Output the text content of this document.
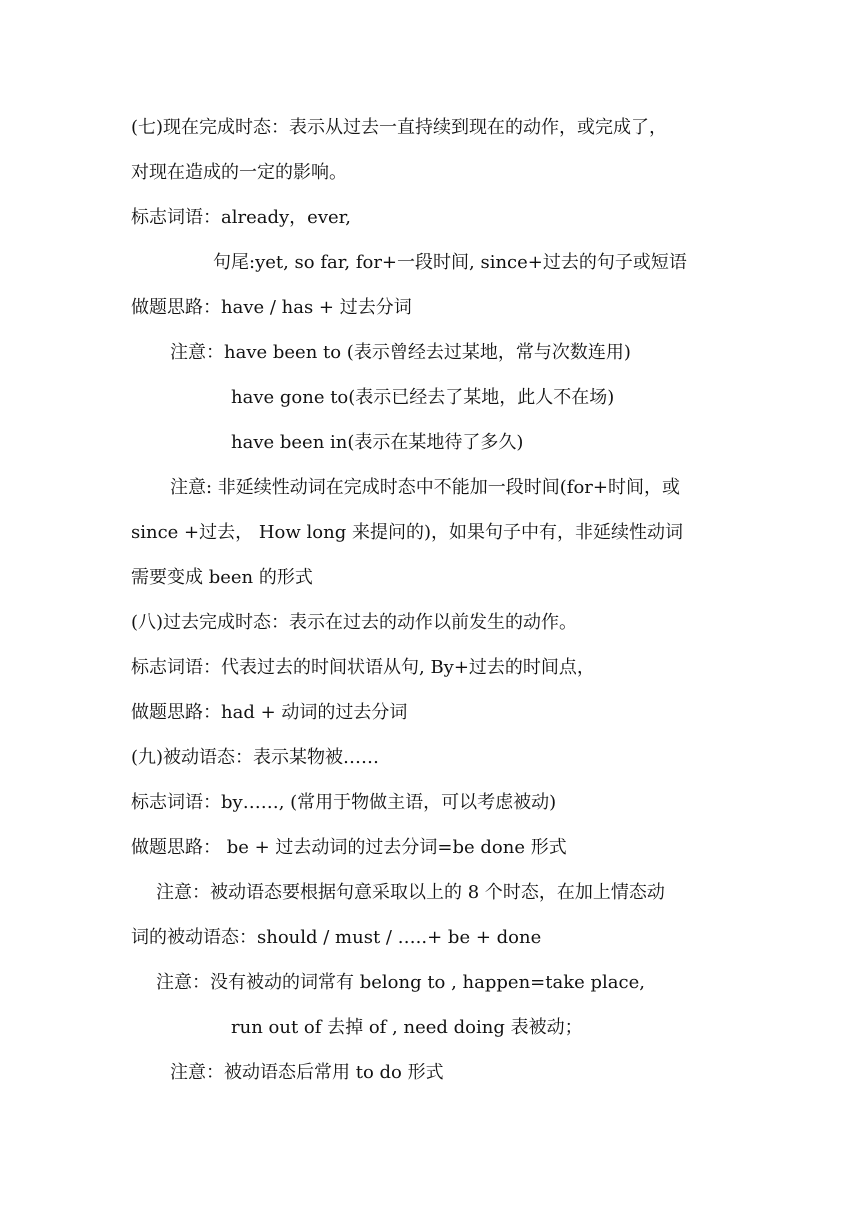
(七)现在完成时态：表示从过去一直持续到现在的动作，或完成了，

对现在造成的一定的影响。

标志词语：already，ever,

句尾:yet, so far, for+一段时间, since+过去的句子或短语

做题思路：have / has + 过去分词

注意：have been to (表示曾经去过某地，常与次数连用)

have gone to(表示已经去了某地，此人不在场)

have been in(表示在某地待了多久)

注意: 非延续性动词在完成时态中不能加一段时间(for+时间，或

since +过去， How long 来提问的)，如果句子中有，非延续性动词

需要变成 been 的形式

(八)过去完成时态：表示在过去的动作以前发生的动作。

标志词语：代表过去的时间状语从句, By+过去的时间点，

做题思路：had + 动词的过去分词

(九)被动语态：表示某物被……

标志词语：by……, (常用于物做主语，可以考虑被动)

做题思路： be + 过去动词的过去分词=be done 形式

注意：被动语态要根据句意采取以上的 8 个时态，在加上情态动

词的被动语态：should / must / …..+ be + done

注意：没有被动的词常有 belong to , happen=take place,

run out of 去掉 of , need doing 表被动；

注意：被动语态后常用 to do 形式
